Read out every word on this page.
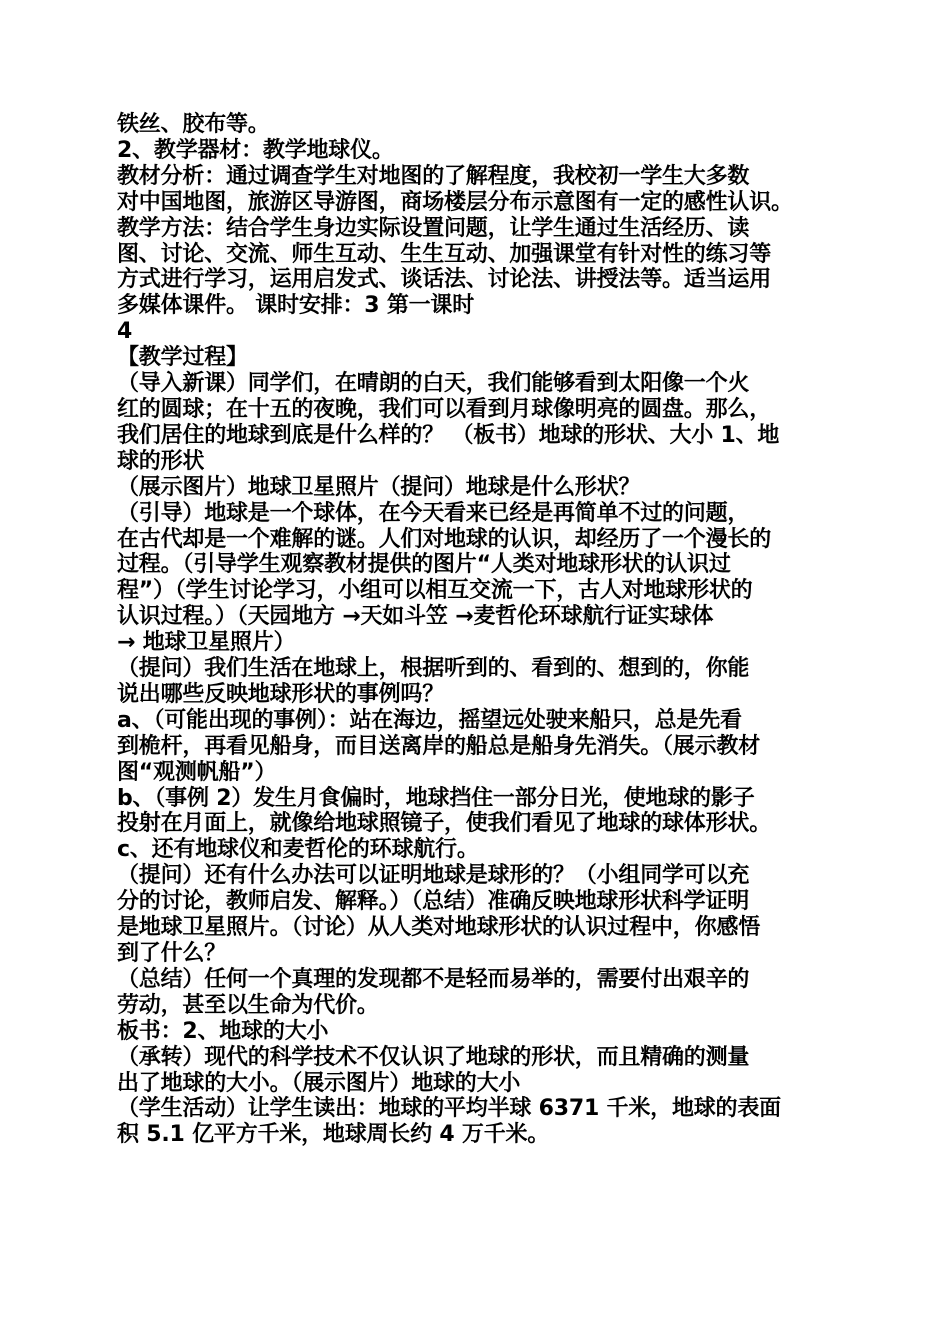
铁丝、胶布等。
2、教学器材：教学地球仪。
教材分析：通过调查学生对地图的了解程度，我校初一学生大多数
对中国地图，旅游区导游图，商场楼层分布示意图有一定的感性认识。
教学方法：结合学生身边实际设置问题，让学生通过生活经历、读
图、讨论、交流、师生互动、生生互动、加强课堂有针对性的练习等
方式进行学习，运用启发式、谈话法、讨论法、讲授法等。适当运用
多媒体课件。 课时安排：3 第一课时
4
【教学过程】
（导入新课）同学们，在晴朗的白天，我们能够看到太阳像一个火
红的圆球；在十五的夜晚，我们可以看到月球像明亮的圆盘。那么，
我们居住的地球到底是什么样的？ （板书）地球的形状、大小 1、地
球的形状
（展示图片）地球卫星照片（提问）地球是什么形状？
（引导）地球是一个球体，在今天看来已经是再简单不过的问题，
在古代却是一个难解的谜。人们对地球的认识，却经历了一个漫长的
过程。（引导学生观察教材提供的图片“人类对地球形状的认识过
程”）（学生讨论学习，小组可以相互交流一下，古人对地球形状的
认识过程。）（天园地方 →天如斗笠 →麦哲伦环球航行证实球体
→ 地球卫星照片）
（提问）我们生活在地球上，根据听到的、看到的、想到的，你能
说出哪些反映地球形状的事例吗？
a、（可能出现的事例）：站在海边，摇望远处驶来船只，总是先看
到桅杆，再看见船身，而目送离岸的船总是船身先消失。（展示教材
图“观测帆船”）
b、（事例 2）发生月食偏时，地球挡住一部分日光，使地球的影子
投射在月面上，就像给地球照镜子，使我们看见了地球的球体形状。
c、还有地球仪和麦哲伦的环球航行。
（提问）还有什么办法可以证明地球是球形的？（小组同学可以充
分的讨论，教师启发、解释。）（总结）准确反映地球形状科学证明
是地球卫星照片。（讨论）从人类对地球形状的认识过程中，你感悟
到了什么？
（总结）任何一个真理的发现都不是轻而易举的，需要付出艰辛的
劳动，甚至以生命为代价。
板书：2、地球的大小
（承转）现代的科学技术不仅认识了地球的形状，而且精确的测量
出了地球的大小。（展示图片）地球的大小
（学生活动）让学生读出：地球的平均半球 6371 千米，地球的表面
积 5.1 亿平方千米，地球周长约 4 万千米。
